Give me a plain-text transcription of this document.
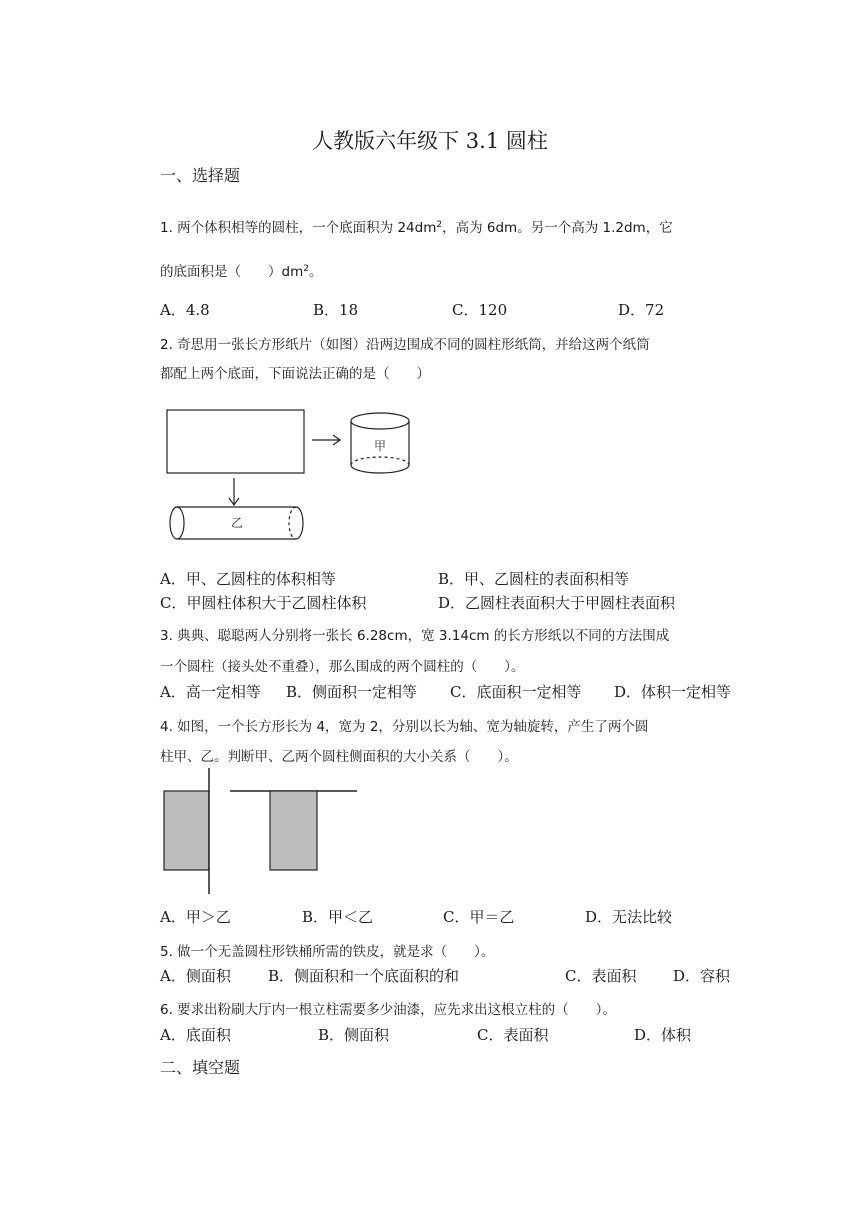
人教版六年级下 3.1 圆柱
一、选择题
1. 两个体积相等的圆柱，一个底面积为 $24dm^2$，高为 6dm。另一个高为 1.2dm，它
的底面积是（　　）$dm^2$。
A．4.8	B．18	C．120	D．72
2. 奇思用一张长方形纸片（如图）沿两边围成不同的圆柱形纸筒，并给这两个纸筒
都配上两个底面，下面说法正确的是（　　）
甲
乙
A．甲、乙圆柱的体积相等	B．甲、乙圆柱的表面积相等
C．甲圆柱体积大于乙圆柱体积	D．乙圆柱表面积大于甲圆柱表面积
3. 典典、聪聪两人分别将一张长 6.28cm，宽 3.14cm 的长方形纸以不同的方法围成
一个圆柱（接头处不重叠），那么围成的两个圆柱的（　　）。
A．高一定相等 B．侧面积一定相等 C．底面积一定相等 D．体积一定相等
4. 如图，一个长方形长为 4，宽为 2，分别以长为轴、宽为轴旋转，产生了两个圆
柱甲、乙。判断甲、乙两个圆柱侧面积的大小关系（　　）。
A．甲＞乙	B．甲＜乙	C．甲＝乙	D．无法比较
5. 做一个无盖圆柱形铁桶所需的铁皮，就是求（　　）。
A．侧面积 B．侧面积和一个底面积的和	C．表面积 D．容积
6. 要求出粉刷大厅内一根立柱需要多少油漆，应先求出这根立柱的（　　）。
A．底面积	B．侧面积	C．表面积	D．体积
二、填空题
